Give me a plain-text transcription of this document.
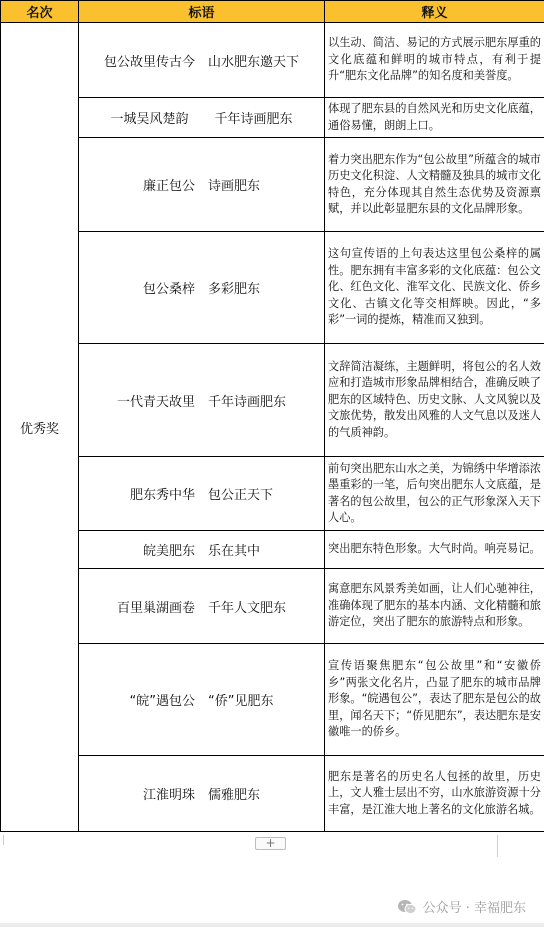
名次	标语	释义
优秀奖	包公故里传古今　山水肥东邀天下	以生动、简洁、易记的方式展示肥东厚重的文化底蕴和鲜明的城市特点，有利于提升“肥东文化品牌”的知名度和美誉度。
	一城吴风楚韵　　千年诗画肥东	体现了肥东县的自然风光和历史文化底蕴，通俗易懂，朗朗上口。
	廉正包公　诗画肥东	着力突出肥东作为“包公故里”所蕴含的城市历史文化积淀、人文精髓及独具的城市文化特色，充分体现其自然生态优势及资源禀赋，并以此彰显肥东县的文化品牌形象。
	包公桑梓　多彩肥东	这句宣传语的上句表达这里包公桑梓的属性。肥东拥有丰富多彩的文化底蕴：包公文化、红色文化、淮军文化、民族文化、侨乡文化、古镇文化等交相辉映。因此，“多彩”一词的提炼，精准而又独到。
	一代青天故里　千年诗画肥东	文辞简洁凝练，主题鲜明，将包公的名人效应和打造城市形象品牌相结合，准确反映了肥东的区域特色、历史文脉、人文风貌以及文旅优势，散发出风雅的人文气息以及迷人的气质神韵。
	肥东秀中华　包公正天下	前句突出肥东山水之美，为锦绣中华增添浓墨重彩的一笔，后句突出肥东人文底蕴，是著名的包公故里，包公的正气形象深入天下人心。
	皖美肥东　乐在其中	突出肥东特色形象。大气时尚。响亮易记。
	百里巢湖画卷　千年人文肥东	寓意肥东风景秀美如画，让人们心驰神往，准确体现了肥东的基本内涵、文化精髓和旅游定位，突出了肥东的旅游特点和形象。
	“皖”遇包公　“侨”见肥东	宣传语聚焦肥东“包公故里”和“安徽侨乡”两张文化名片，凸显了肥东的城市品牌形象。“皖遇包公”，表达了肥东是包公的故里，闻名天下；“侨见肥东”，表达肥东是安徽唯一的侨乡。
	江淮明珠　儒雅肥东	肥东是著名的历史名人包拯的故里，历史上，文人雅士层出不穷，山水旅游资源十分丰富，是江淮大地上著名的文化旅游名城。
+
公众号 · 幸福肥东
